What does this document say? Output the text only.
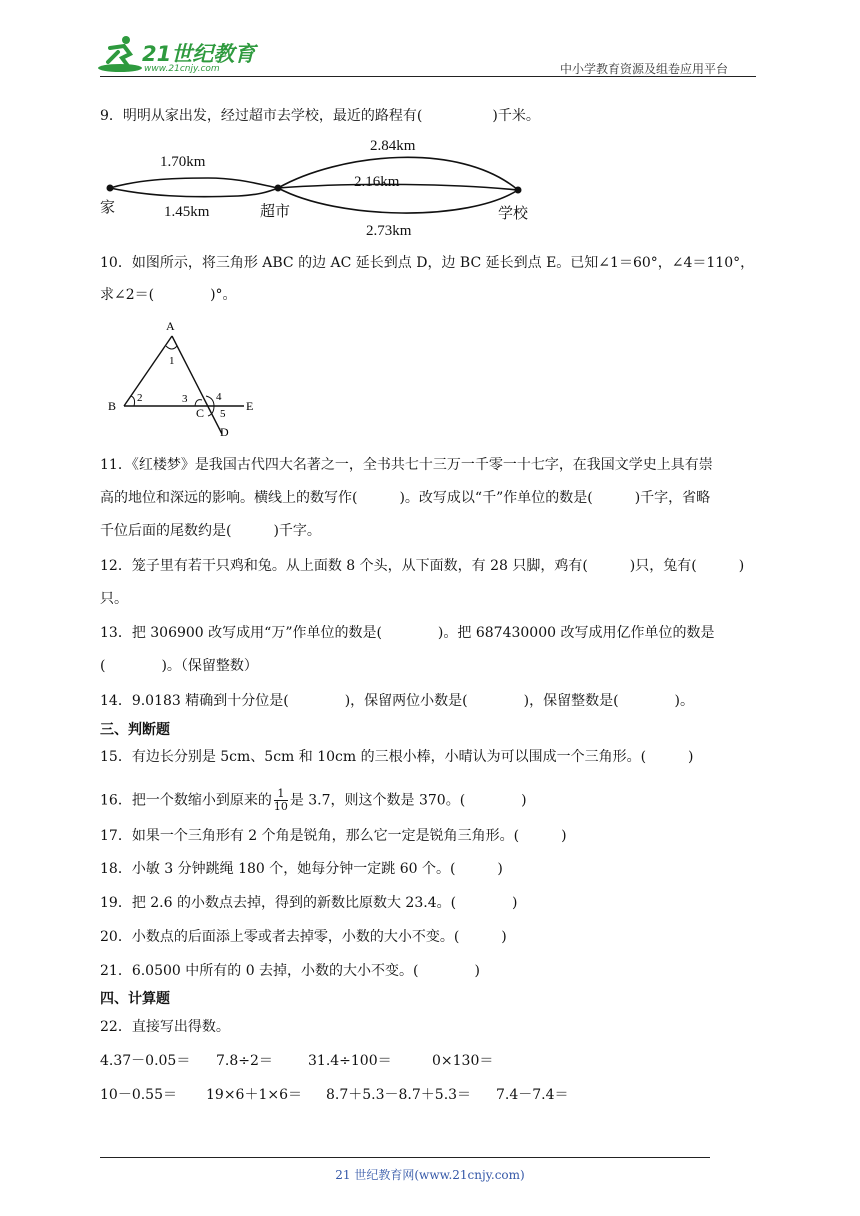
21世纪教育
www.21cnjy.com	中小学教育资源及组卷应用平台
9．明明从家出发，经过超市去学校，最近的路程有(　　　　　)千米。
1.70km
1.45km
2.84km
2.16km
2.73km
家	超市	学校
10．如图所示，将三角形 ABC 的边 AC 延长到点 D，边 BC 延长到点 E。已知∠1＝60°，∠4＝110°，
求∠2＝(　　　　)°。
A
B	C
D
E
1
2	3	4
5
11．《红楼梦》是我国古代四大名著之一，全书共七十三万一千零一十七字，在我国文学史上具有崇
高的地位和深远的影响。横线上的数写作(　　　)。改写成以“千”作单位的数是(　　　)千字，省略
千位后面的尾数约是(　　　)千字。
12．笼子里有若干只鸡和兔。从上面数 8 个头，从下面数，有 28 只脚，鸡有(　　　)只，兔有(　　　)
只。
13．把 306900 改写成用“万”作单位的数是(　　　　)。把 687430000 改写成用亿作单位的数是
(　　　　)。（保留整数）
14．9.0183 精确到十分位是(　　　　)，保留两位小数是(　　　　)，保留整数是(　　　　)。
三、判断题
15．有边长分别是 5cm、5cm 和 10cm 的三根小棒，小晴认为可以围成一个三角形。(　　　)
16．把一个数缩小到原来的 $\frac{1}{10}$ 是 3.7，则这个数是 370。(　　　　)
17．如果一个三角形有 2 个角是锐角，那么它一定是锐角三角形。(　　　)
18．小敏 3 分钟跳绳 180 个，她每分钟一定跳 60 个。(　　　)
19．把 2.6 的小数点去掉，得到的新数比原数大 23.4。(　　　　)
20．小数点的后面添上零或者去掉零，小数的大小不变。(　　　)
21．6.0500 中所有的 0 去掉，小数的大小不变。(　　　　)
四、计算题
22．直接写出得数。
4.37－0.05＝ 7.8÷2＝	31.4÷100＝	0×130＝
10－0.55＝ 19×6＋1×6＝ 8.7＋5.3－8.7＋5.3＝ 7.4－7.4＝
21 世纪教育网(www.21cnjy.com)
